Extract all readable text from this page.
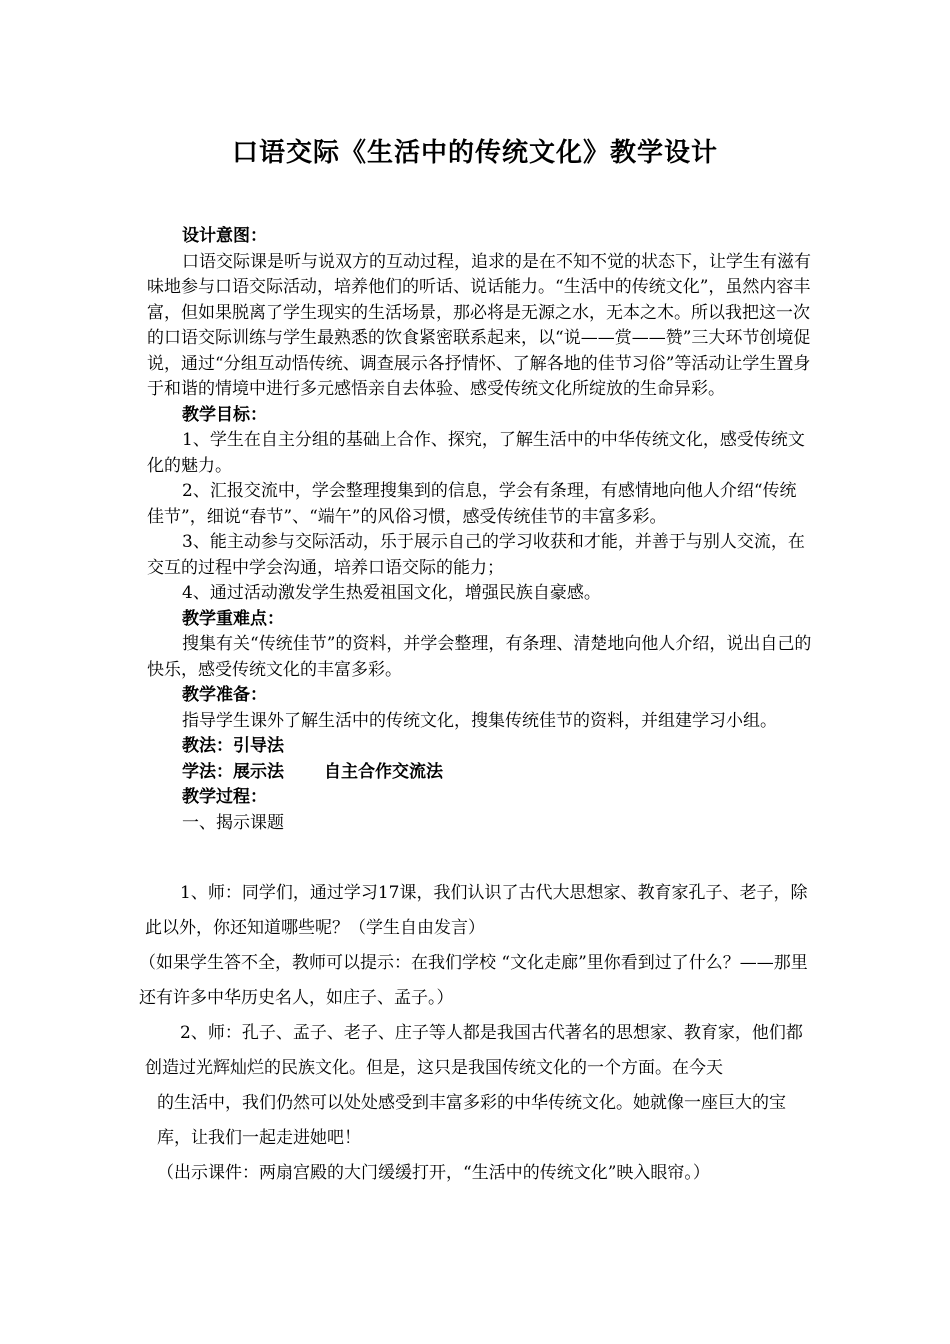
口语交际《生活中的传统文化》教学设计

设计意图：

口语交际课是听与说双方的互动过程，追求的是在不知不觉的状态下，让学生有滋有味地参与口语交际活动，培养他们的听话、说话能力。“生活中的传统文化”，虽然内容丰富，但如果脱离了学生现实的生活场景，那必将是无源之水，无本之木。所以我把这一次的口语交际训练与学生最熟悉的饮食紧密联系起来，以“说——赏——赞”三大环节创境促说，通过“分组互动悟传统、调查展示各抒情怀、了解各地的佳节习俗”等活动让学生置身于和谐的情境中进行多元感悟亲自去体验、感受传统文化所绽放的生命异彩。

教学目标：

1、学生在自主分组的基础上合作、探究，了解生活中的中华传统文化，感受传统文化的魅力。

2、汇报交流中，学会整理搜集到的信息，学会有条理，有感情地向他人介绍“传统佳节”，细说“春节”、“端午”的风俗习惯，感受传统佳节的丰富多彩。

3、能主动参与交际活动，乐于展示自己的学习收获和才能，并善于与别人交流，在交互的过程中学会沟通，培养口语交际的能力；

4、通过活动激发学生热爱祖国文化，增强民族自豪感。

教学重难点：

搜集有关“传统佳节”的资料，并学会整理，有条理、清楚地向他人介绍，说出自己的快乐，感受传统文化的丰富多彩。

教学准备：

指导学生课外了解生活中的传统文化，搜集传统佳节的资料，并组建学习小组。

教法：引导法

学法：展示法 自主合作交流法

教学过程：

一、揭示课题

1、师：同学们，通过学习17课，我们认识了古代大思想家、教育家孔子、老子，除此以外，你还知道哪些呢？（学生自由发言）

（如果学生答不全，教师可以提示：在我们学校 “文化走廊”里你看到过了什么？——那里还有许多中华历史名人，如庄子、孟子。）

2、师：孔子、孟子、老子、庄子等人都是我国古代著名的思想家、教育家，他们都创造过光辉灿烂的民族文化。但是，这只是我国传统文化的一个方面。在今天

的生活中，我们仍然可以处处感受到丰富多彩的中华传统文化。她就像一座巨大的宝库，让我们一起走进她吧！

（出示课件：两扇宫殿的大门缓缓打开，“生活中的传统文化”映入眼帘。）
